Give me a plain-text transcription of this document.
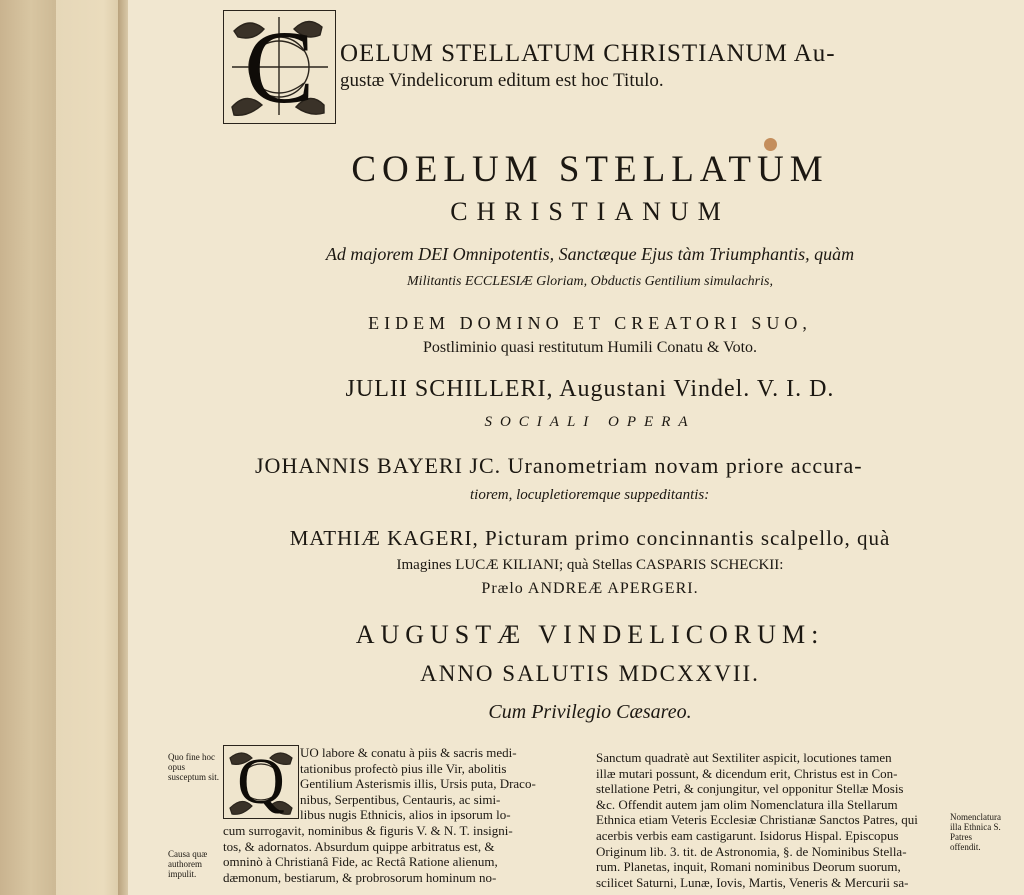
C
Q
OELUM STELLATUM CHRISTIANUM Au-
gustæ Vindelicorum editum est hoc Titulo.
COELUM STELLATUM
CHRISTIANUM
Ad majorem DEI Omnipotentis, Sanctæque Ejus tàm Triumphantis, quàm
Militantis ECCLESIÆ Gloriam, Obductis Gentilium simulachris,
EIDEM DOMINO ET CREATORI SUO,
Postliminio quasi restitutum Humili Conatu & Voto.
JULII SCHILLERI, Augustani Vindel. V. I. D.
SOCIALI OPERA
JOHANNIS BAYERI JC. Uranometriam novam priore accura-
tiorem, locupletioremque suppeditantis:
MATHIÆ KAGERI, Picturam primo concinnantis scalpello, quà
Imagines LUCÆ KILIANI; quà Stellas CASPARIS SCHECKII:
Prælo ANDREÆ APERGERI.
AUGUSTÆ VINDELICORUM:
ANNO SALUTIS MDCXXVII.
Cum Privilegio Cæsareo.
Quo fine hoc opus susceptum sit.
Causa quæ authorem impulit.
Nomenclatura illa Ethnica S. Patres offendit.
UO labore & conatu à piis & sacris medi-
tationibus profectò pius ille Vir, abolitis
Gentilium Asterismis illis, Ursis puta, Draco-
nibus, Serpentibus, Centauris, ac simi-
libus nugis Ethnicis, alios in ipsorum lo-
cum surrogavit, nominibus & figuris V. & N. T. insigni-
tos, & adornatos. Absurdum quippe arbitratus est, &
omninò à Christianâ Fide, ac Rectâ Ratione alienum,
dæmonum, bestiarum, & probrosorum hominum no-
Sanctum quadratè aut Sextiliter aspicit, locutiones tamen
illæ mutari possunt, & dicendum erit, Christus est in Con-
stellatione Petri, & conjungitur, vel opponitur Stellæ Mosis
&c. Offendit autem jam olim Nomenclatura illa Stellarum
Ethnica etiam Veteris Ecclesiæ Christianæ Sanctos Patres, qui
acerbis verbis eam castigarunt. Isidorus Hispal. Episcopus
Originum lib. 3. tit. de Astronomia, §. de Nominibus Stella-
rum. Planetas, inquit, Romani nominibus Deorum suorum,
scilicet Saturni, Lunæ, Iovis, Martis, Veneris & Mercurii sa-
